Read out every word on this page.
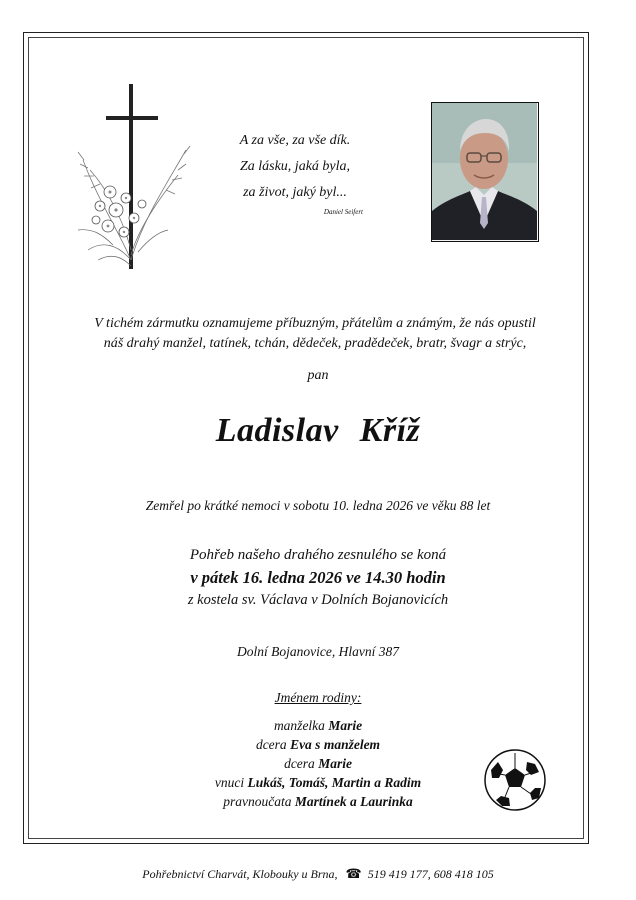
A za vše, za vše dík.
Za lásku, jaká byla,
za život, jaký byl...
Daniel Seifert
V tichém zármutku oznamujeme příbuzným, přátelům a známým, že nás opustil
náš drahý manžel, tatínek, tchán, dědeček, pradědeček, bratr, švagr a strýc,
pan
Ladislav Kříž
Zemřel po krátké nemoci v sobotu 10. ledna 2026 ve věku 88 let
Pohřeb našeho drahého zesnulého se koná
v pátek 16. ledna 2026 ve 14.30 hodin
z kostela sv. Václava v Dolních Bojanovicích
Dolní Bojanovice, Hlavní 387
Jménem rodiny:
manželka Marie
dcera Eva s manželem
dcera Marie
vnuci Lukáš, Tomáš, Martin a Radim
pravnoučata Martínek a Laurinka
Pohřebnictví Charvát, Klobouky u Brna, ☎ 519 419 177, 608 418 105
